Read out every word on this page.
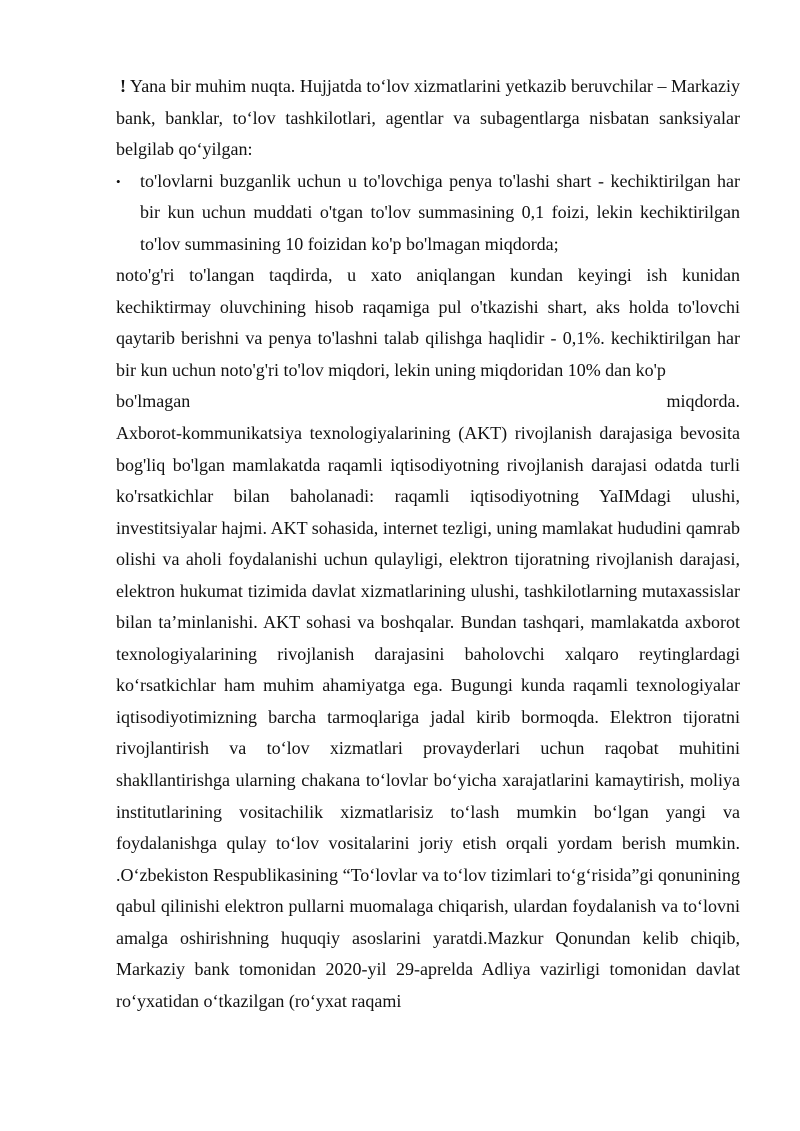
! Yana bir muhim nuqta. Hujjatda to‘lov xizmatlarini yetkazib beruvchilar – Markaziy bank, banklar, to‘lov tashkilotlari, agentlar va subagentlarga nisbatan sanksiyalar belgilab qo‘yilgan:

• to'lovlarni buzganlik uchun u to'lovchiga penya to'lashi shart - kechiktirilgan har bir kun uchun muddati o'tgan to'lov summasining 0,1 foizi, lekin kechiktirilgan to'lov summasining 10 foizidan ko'p bo'lmagan miqdorda;

noto'g'ri to'langan taqdirda, u xato aniqlangan kundan keyingi ish kunidan kechiktirmay oluvchining hisob raqamiga pul o'tkazishi shart, aks holda to'lovchi qaytarib berishni va penya to'lashni talab qilishga haqlidir - 0,1%. kechiktirilgan har bir kun uchun noto'g'ri to'lov miqdori, lekin uning miqdoridan 10% dan ko'p

bo'lmagan	miqdorda.

Axborot-kommunikatsiya texnologiyalarining (AKT) rivojlanish darajasiga bevosita bog'liq bo'lgan mamlakatda raqamli iqtisodiyotning rivojlanish darajasi odatda turli ko'rsatkichlar bilan baholanadi: raqamli iqtisodiyotning YaIMdagi ulushi, investitsiyalar hajmi. AKT sohasida, internet tezligi, uning mamlakat hududini qamrab olishi va aholi foydalanishi uchun qulayligi, elektron tijoratning rivojlanish darajasi, elektron hukumat tizimida davlat xizmatlarining ulushi, tashkilotlarning mutaxassislar bilan ta’minlanishi. AKT sohasi va boshqalar. Bundan tashqari, mamlakatda axborot texnologiyalarining rivojlanish darajasini baholovchi xalqaro reytinglardagi ko‘rsatkichlar ham muhim ahamiyatga ega. Bugungi kunda raqamli texnologiyalar iqtisodiyotimizning barcha tarmoqlariga jadal kirib bormoqda. Elektron tijoratni rivojlantirish va to‘lov xizmatlari provayderlari uchun raqobat muhitini shakllantirishga ularning chakana to‘lovlar bo‘yicha xarajatlarini kamaytirish, moliya institutlarining vositachilik xizmatlarisiz to‘lash mumkin bo‘lgan yangi va foydalanishga qulay to‘lov vositalarini joriy etish orqali yordam berish mumkin. .O‘zbekiston Respublikasining “To‘lovlar va to‘lov tizimlari to‘g‘risida”gi qonunining qabul qilinishi elektron pullarni muomalaga chiqarish, ulardan foydalanish va to‘lovni amalga oshirishning huquqiy asoslarini yaratdi.Mazkur Qonundan kelib chiqib, Markaziy bank tomonidan 2020-yil 29-aprelda Adliya vazirligi tomonidan davlat ro‘yxatidan o‘tkazilgan (ro‘yxat raqami
